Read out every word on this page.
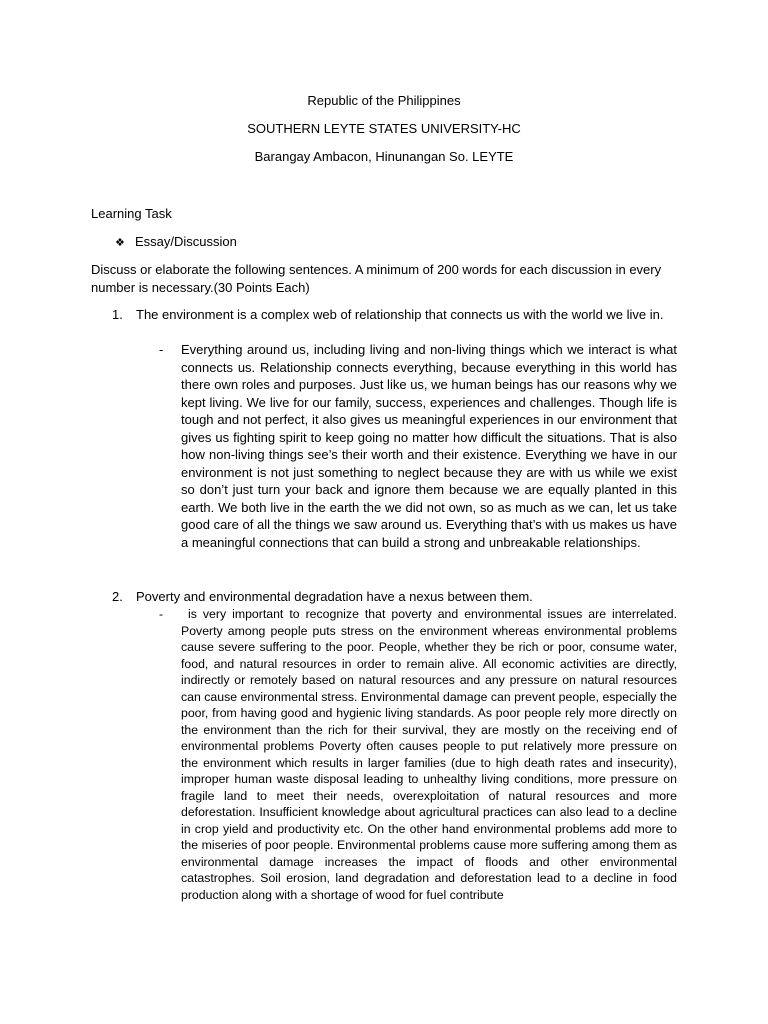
Republic of the Philippines
SOUTHERN LEYTE STATES UNIVERSITY-HC
Barangay Ambacon, Hinunangan So. LEYTE
Learning Task
❖ Essay/Discussion
Discuss or elaborate the following sentences. A minimum of 200 words for each discussion in every number is necessary.(30 Points Each)
1. The environment is a complex web of relationship that connects us with the world we live in.
- Everything around us, including living and non-living things which we interact is what connects us. Relationship connects everything, because everything in this world has there own roles and purposes. Just like us, we human beings has our reasons why we kept living. We live for our family, success, experiences and challenges. Though life is tough and not perfect, it also gives us meaningful experiences in our environment that gives us fighting spirit to keep going no matter how difficult the situations. That is also how non-living things see’s their worth and their existence. Everything we have in our environment is not just something to neglect because they are with us while we exist so don’t just turn your back and ignore them because we are equally planted in this earth. We both live in the earth the we did not own, so as much as we can, let us take good care of all the things we saw around us. Everything that’s with us makes us have a meaningful connections that can build a strong and unbreakable relationships.
2. Poverty and environmental degradation have a nexus between them.
-	is very important to recognize that poverty and environmental issues are interrelated. Poverty among people puts stress on the environment whereas environmental problems cause severe suffering to the poor. People, whether they be rich or poor, consume water, food, and natural resources in order to remain alive. All economic activities are directly, indirectly or remotely based on natural resources and any pressure on natural resources can cause environmental stress. Environmental damage can prevent people, especially the poor, from having good and hygienic living standards. As poor people rely more directly on the environment than the rich for their survival, they are mostly on the receiving end of environmental problems Poverty often causes people to put relatively more pressure on the environment which results in larger families (due to high death rates and insecurity), improper human waste disposal leading to unhealthy living conditions, more pressure on fragile land to meet their needs, overexploitation of natural resources and more deforestation. Insufficient knowledge about agricultural practices can also lead to a decline in crop yield and productivity etc. On the other hand environmental problems add more to the miseries of poor people. Environmental problems cause more suffering among them as environmental damage increases the impact of floods and other environmental catastrophes. Soil erosion, land degradation and deforestation lead to a decline in food production along with a shortage of wood for fuel contribute
